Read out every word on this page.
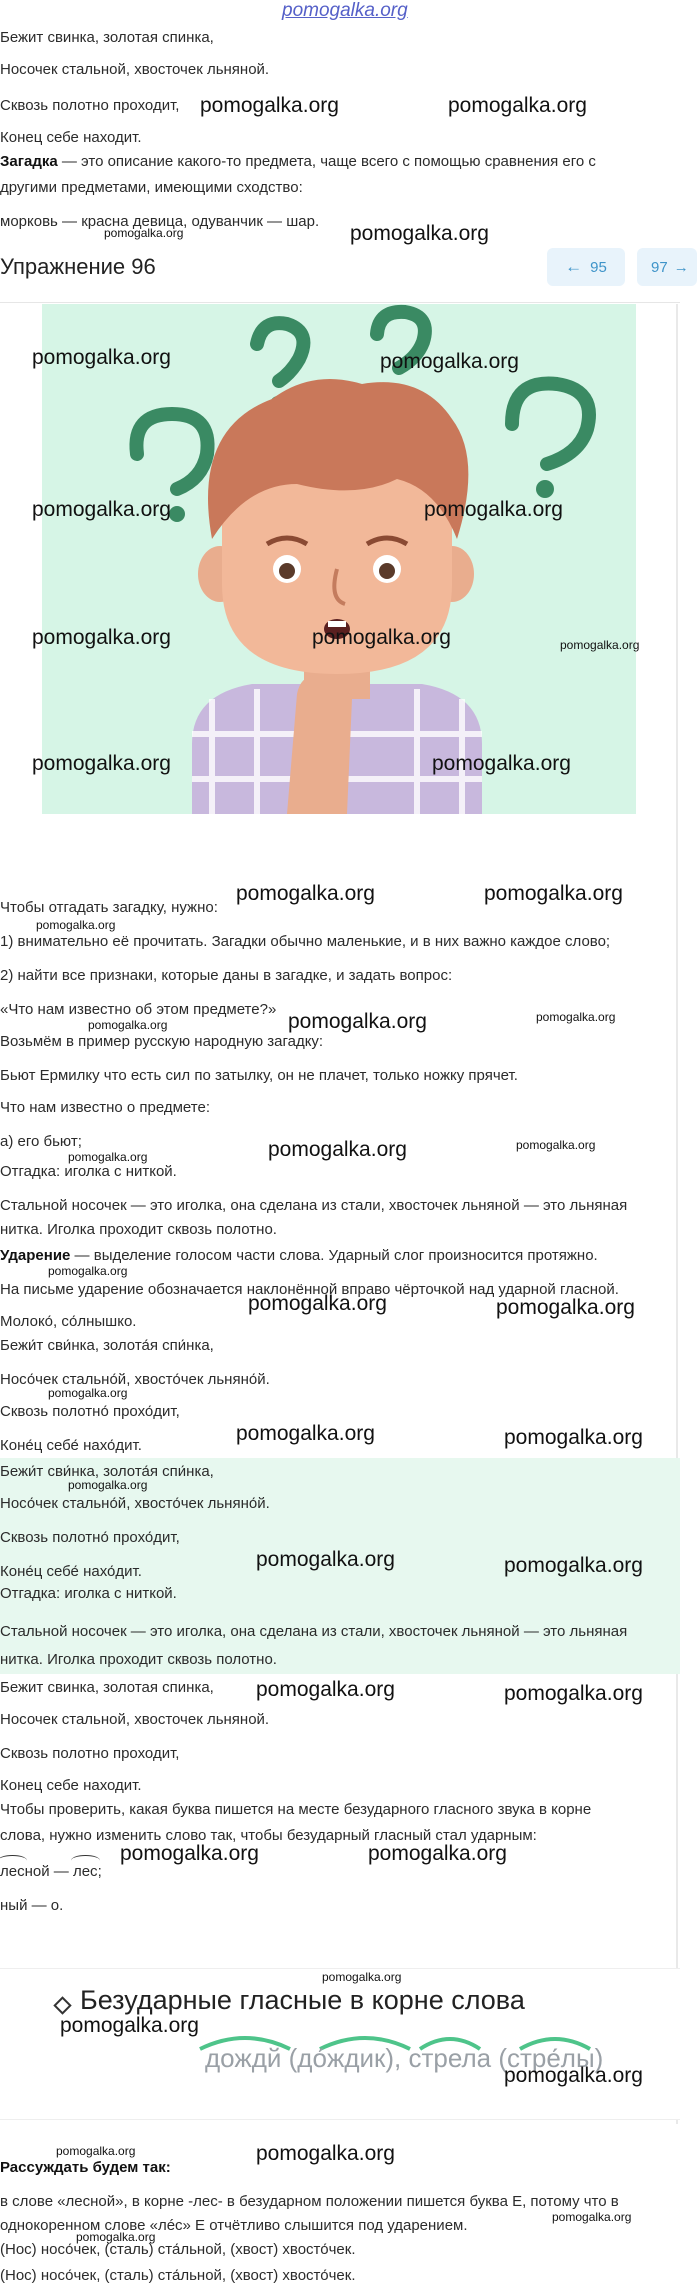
pomogalka.org
Бежит свинка, золотая спинка,
Носочек стальной, хвосточек льняной.
Сквозь полотно проходит,
Конец себе находит.
Загадка — это описание какого-то предмета, чаще всего с помощью сравнения его с
другими предметами, имеющими сходство:
морковь — красна девица, одуванчик — шар.
Упражнение 96	← 95	97 →
Чтобы отгадать загадку, нужно:
1) внимательно её прочитать. Загадки обычно маленькие, и в них важно каждое слово;
2) найти все признаки, которые даны в загадке, и задать вопрос:
«Что нам известно об этом предмете?»
Возьмём в пример русскую народную загадку:
Бьют Ермилку что есть сил по затылку, он не плачет, только ножку прячет.
Что нам известно о предмете:
а) его бьют;
Отгадка: иголка с ниткой.
Стальной носочек — это иголка, она сделана из стали, хвосточек льняной — это льняная
нитка. Иголка проходит сквозь полотно.
Ударение — выделение голосом части слова. Ударный слог произносится протяжно.
На письме ударение обозначается наклонённой вправо чёрточкой над ударной гласной.
Молоко́, со́лнышко.
Бежи́т сви́нка, золота́я спи́нка,
Носо́чек стально́й, хвосто́чек льняно́й.
Сквозь полотно́ прохо́дит,
Коне́ц себе́ нахо́дит.
Бежи́т сви́нка, золота́я спи́нка,
Носо́чек стально́й, хвосто́чек льняно́й.
Сквозь полотно́ прохо́дит,
Коне́ц себе́ нахо́дит.
Отгадка: иголка с ниткой.
Стальной носочек — это иголка, она сделана из стали, хвосточек льняной — это льняная
нитка. Иголка проходит сквозь полотно.
Бежит свинка, золотая спинка,
Носочек стальной, хвосточек льняной.
Сквозь полотно проходит,
Конец себе находит.
Чтобы проверить, какая буква пишется на месте безударного гласного звука в корне
слова, нужно изменить слово так, чтобы безударный гласный стал ударным:
лесной — лес;
ный — о.
Безударные гласные в корне слова
дождй (до́ждик), стрела (стре́лы)
Рассуждать будем так:
в слове «лесной», в корне -лес- в безударном положении пишется буква Е, потому что в
однокоренном слове «лéс» Е отчётливо слышится под ударением.
(Нос) носо́чек, (сталь) ста́льной, (хвост) хвосто́чек.
(Нос) носо́чек, (сталь) ста́льной, (хвост) хвосто́чек.
pomogalka.org	pomogalka.org
pomogalka.org	pomogalka.org
pomogalka.org	pomogalka.org
pomogalka.org	pomogalka.org
pomogalka.org	pomogalka.org	pomogalka.org
pomogalka.org	pomogalka.org
pomogalka.org	pomogalka.org
pomogalka.org
pomogalka.org	pomogalka.org
pomogalka.org
pomogalka.org	pomogalka.org
pomogalka.org
pomogalka.org
pomogalka.org	pomogalka.org
pomogalka.org
pomogalka.org	pomogalka.org
pomogalka.org
pomogalka.org	pomogalka.org
pomogalka.org	pomogalka.org
pomogalka.org	pomogalka.org
pomogalka.org
pomogalka.org
pomogalka.org
pomogalka.org	pomogalka.org
pomogalka.org
pomogalka.org
